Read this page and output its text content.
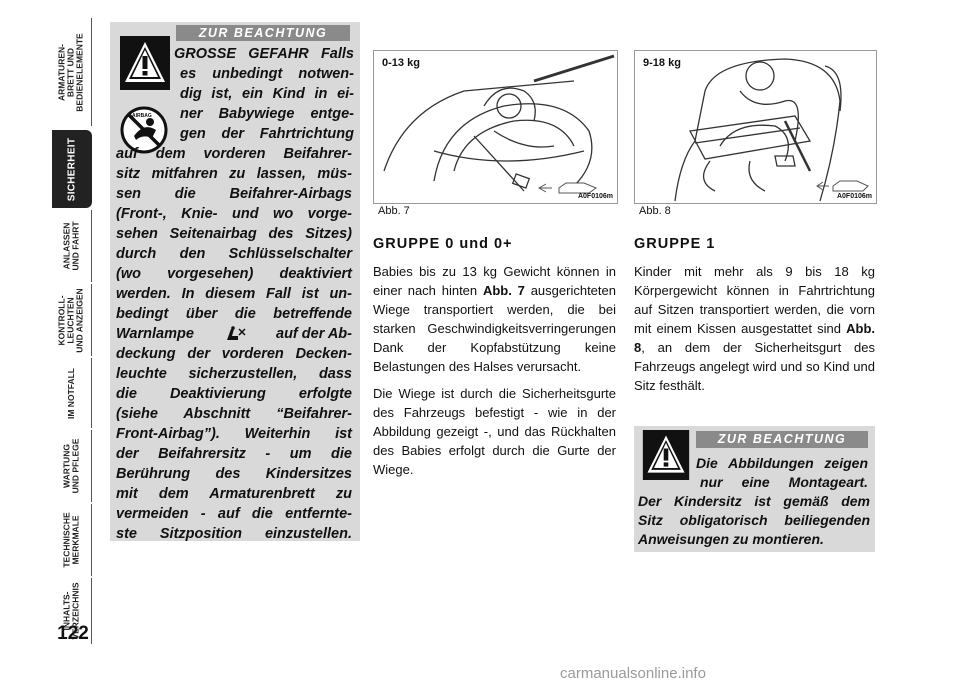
ARMATUREN-
BRETT UND
BEDIENELEMENTE
SICHERHEIT
ANLASSEN
UND FAHRT
KONTROLL-
LEUCHTEN
UND ANZEIGEN
IM NOTFALL
WARTUNG
UND PFLEGE
TECHNISCHE
MERKMALE
INHALTS-
VERZEICHNIS
122
ZUR BEACHTUNG
AIRBAG
GROSSE GEFAHR Falls
es unbedingt notwen-
dig ist, ein Kind in ei-
ner Babywiege entge-
gen der Fahrtrichtung
auf dem vorderen Beifahrer-
sitz mitfahren zu lassen, müs-
sen die Beifahrer-Airbags
(Front-, Knie- und wo vorge-
sehen Seitenairbag des Sitzes)
durch den Schlüsselschalter
(wo vorgesehen) deaktiviert
werden. In diesem Fall ist un-
bedingt über die betreffende
Warnlampe	auf der Ab-
deckung der vorderen Decken-
leuchte sicherzustellen, dass
die Deaktivierung erfolgte
(siehe Abschnitt “Beifahrer-
Front-Airbag”). Weiterhin ist
der Beifahrersitz - um die
Berührung des Kindersitzes
mit dem Armaturenbrett zu
vermeiden - auf die entfernte-
ste Sitzposition einzustellen.
0-13 kg
A0F0106m
Abb. 7
9-18 kg
A0F0106m
Abb. 8
GRUPPE 0 und 0+

Babies bis zu 13 kg Gewicht können in einer nach hinten Abb. 7 ausgerichteten Wiege transportiert werden, die bei starken Geschwindigkeitsverringerungen Dank der Kopfabstützung keine Belastungen des Halses verursacht.

Die Wiege ist durch die Sicherheitsgurte des Fahrzeugs befestigt - wie in der Abbildung gezeigt -, und das Rückhalten des Babies erfolgt durch die Gurte der Wiege.

GRUPPE 1

Kinder mit mehr als 9 bis 18 kg Körpergewicht können in Fahrtrichtung auf Sitzen transportiert werden, die vorn mit einem Kissen ausgestattet sind Abb. 8, an dem der Sicherheitsgurt des Fahrzeugs angelegt wird und so Kind und Sitz festhält.

ZUR BEACHTUNG
Die Abbildungen zeigen
nur eine Montageart.
Der Kindersitz ist gemäß dem
Sitz obligatorisch beiliegenden
Anweisungen zu montieren.
carmanualsonline.info
